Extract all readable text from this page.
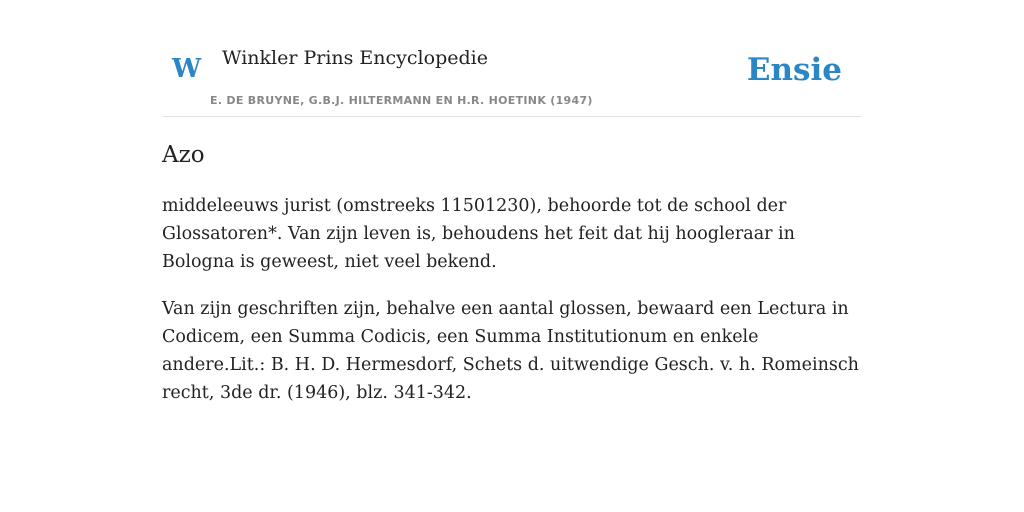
W Winkler Prins Encyclopedie
E. DE BRUYNE, G.B.J. HILTERMANN EN H.R. HOETINK (1947)
Ensie
Azo

middeleeuws jurist (omstreeks 11501230), behoorde tot de school der Glossatoren*. Van zijn leven is, behoudens het feit dat hij hoogleraar in Bologna is geweest, niet veel bekend.

Van zijn geschriften zijn, behalve een aantal glossen, bewaard een Lectura in Codicem, een Summa Codicis, een Summa Institutionum en enkele andere.Lit.: B. H. D. Hermesdorf, Schets d. uitwendige Gesch. v. h. Romeinsch recht, 3de dr. (1946), blz. 341-342.
